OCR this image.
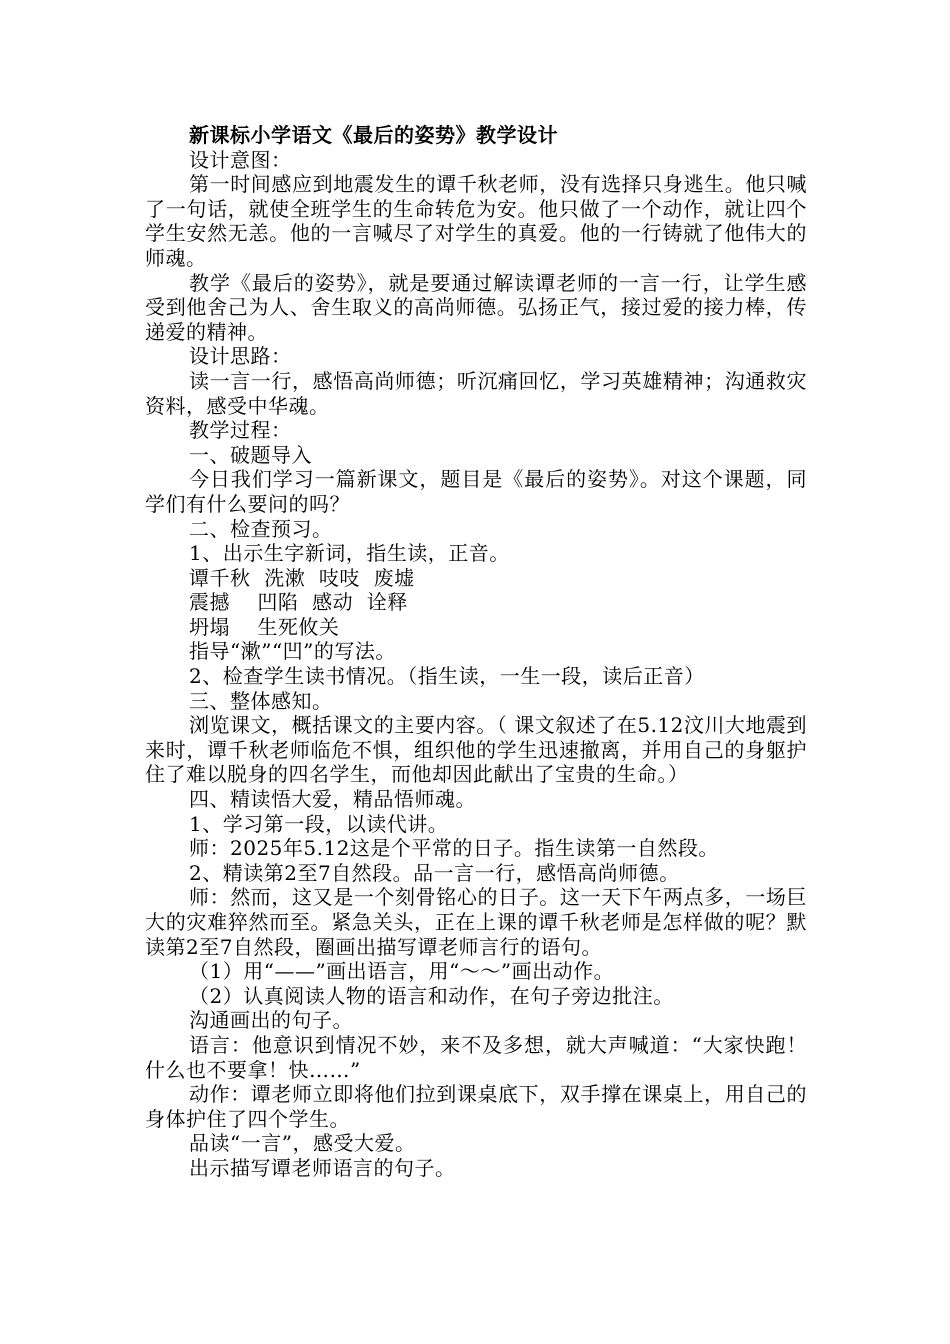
新课标小学语文《最后的姿势》教学设计

设计意图：

第一时间感应到地震发生的谭千秋老师，没有选择只身逃生。他只喊了一句话，就使全班学生的生命转危为安。他只做了一个动作，就让四个学生安然无恙。他的一言喊尽了对学生的真爱。他的一行铸就了他伟大的师魂。

教学《最后的姿势》，就是要通过解读谭老师的一言一行，让学生感受到他舍己为人、舍生取义的高尚师德。弘扬正气，接过爱的接力棒，传递爱的精神。

设计思路：

读一言一行，感悟高尚师德；听沉痛回忆，学习英雄精神；沟通救灾资料，感受中华魂。

教学过程：

一、破题导入

今日我们学习一篇新课文，题目是《最后的姿势》。对这个课题，同学们有什么要问的吗？

二、检查预习。

1、出示生字新词，指生读，正音。

谭千秋  洗漱  吱吱  废墟

震撼    凹陷  感动  诠释

坍塌    生死攸关

指导“漱”“凹”的写法。

2、检查学生读书情况。（指生读，一生一段，读后正音）

三、整体感知。

浏览课文，概括课文的主要内容。（ 课文叙述了在5.12汶川大地震到来时，谭千秋老师临危不惧，组织他的学生迅速撤离，并用自己的身躯护住了难以脱身的四名学生，而他却因此献出了宝贵的生命。）

四、精读悟大爱，精品悟师魂。

1、学习第一段，以读代讲。

师：2025年5.12这是个平常的日子。指生读第一自然段。

2、精读第2至7自然段。品一言一行，感悟高尚师德。

师：然而，这又是一个刻骨铭心的日子。这一天下午两点多，一场巨大的灾难猝然而至。紧急关头，正在上课的谭千秋老师是怎样做的呢？默读第2至7自然段，圈画出描写谭老师言行的语句。

（1）用“——”画出语言，用“～～”画出动作。

（2）认真阅读人物的语言和动作，在句子旁边批注。

沟通画出的句子。

语言：他意识到情况不妙，来不及多想，就大声喊道：“大家快跑！什么也不要拿！快……”

动作：谭老师立即将他们拉到课桌底下，双手撑在课桌上，用自己的身体护住了四个学生。

品读“一言”，感受大爱。

出示描写谭老师语言的句子。
